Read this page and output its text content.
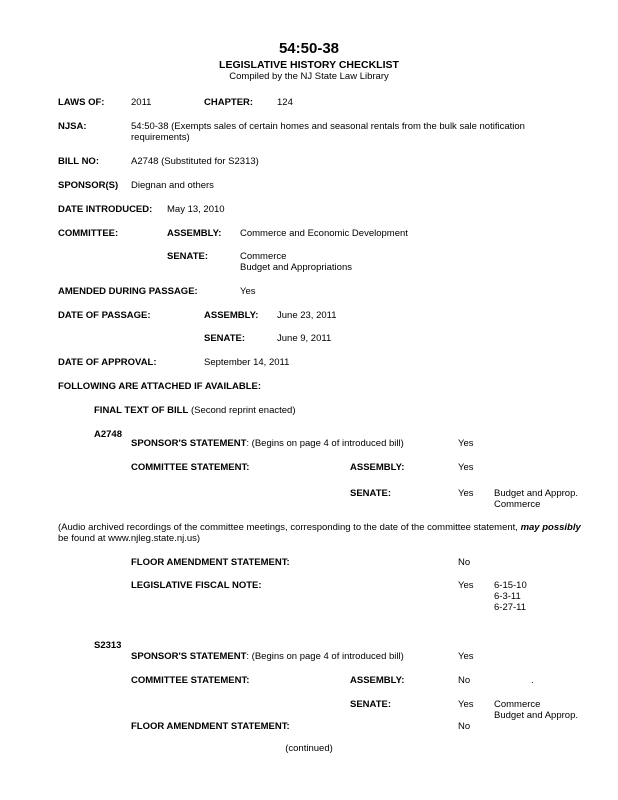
54:50-38
LEGISLATIVE HISTORY CHECKLIST
Compiled by the NJ State Law Library
LAWS OF:	2011	CHAPTER:	124
NJSA:	54:50-38 (Exempts sales of certain homes and seasonal rentals from the bulk sale notification requirements)
BILL NO:	A2748 (Substituted for S2313)
SPONSOR(S) Diegnan and others
DATE INTRODUCED: May 13, 2010
COMMITTEE:	ASSEMBLY: Commerce and Economic Development
SENATE:	Commerce
Budget and Appropriations
AMENDED DURING PASSAGE:	Yes
DATE OF PASSAGE:	ASSEMBLY: June 23, 2011
SENATE:	June 9, 2011
DATE OF APPROVAL:	September 14, 2011
FOLLOWING ARE ATTACHED IF AVAILABLE:
FINAL TEXT OF BILL (Second reprint enacted)
A2748
SPONSOR'S STATEMENT: (Begins on page 4 of introduced bill)	Yes
COMMITTEE STATEMENT:	ASSEMBLY:	Yes
SENATE:	Yes Budget and Approp.
Commerce
(Audio archived recordings of the committee meetings, corresponding to the date of the committee statement, may possibly
be found at www.njleg.state.nj.us)
FLOOR AMENDMENT STATEMENT:	No
LEGISLATIVE FISCAL NOTE:	Yes 6-15-10
6-3-11
6-27-11
S2313
SPONSOR'S STATEMENT: (Begins on page 4 of introduced bill)	Yes
COMMITTEE STATEMENT:	ASSEMBLY:	No	.
SENATE:	Yes Commerce
Budget and Approp.
FLOOR AMENDMENT STATEMENT:	No
(continued)
